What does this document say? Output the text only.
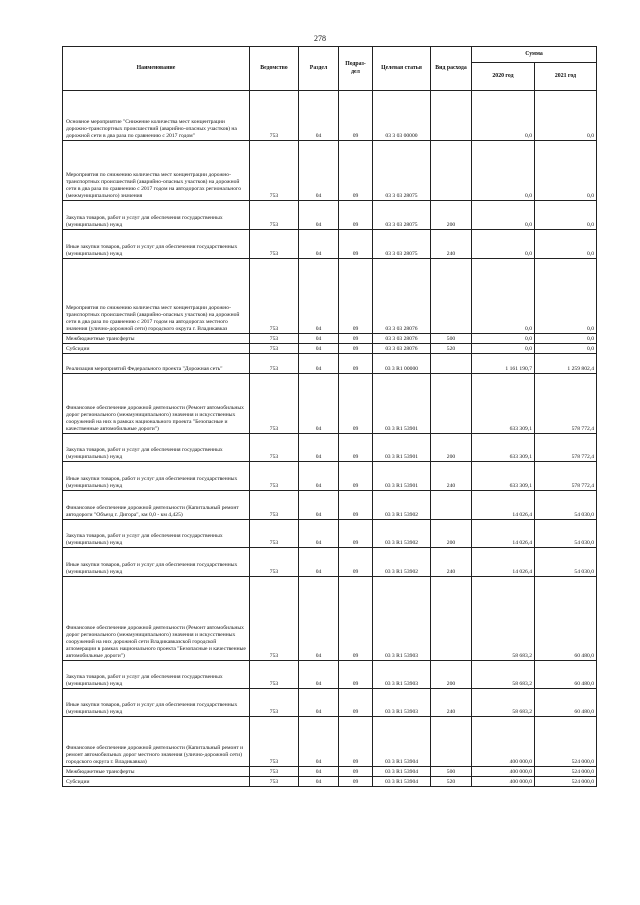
278
Наименование	Ведомство	Раздел	Подраз-дел	Целевая статья	Вид расхода	Сумма	
						2020 год	2021 год
Основное мероприятие "Снижение количества мест концентрации дорожно-транспортных происшествий (аварийно-опасных участков) на дорожной сети в два раза по сравнению с 2017 годом"	753	04	09	03 3 03 00000		0,0	0,0
Мероприятия по снижению количества мест концентрации дорожно-транспортных происшествий (аварийно-опасных участков) на дорожной сети в два раза по сравнению с 2017 годом на автодорогах регионального (межмуниципального) значения	753	04	09	03 3 03 28075		0,0	0,0
Закупка товаров, работ и услуг для обеспечения государственных (муниципальных) нужд	753	04	09	03 3 03 28075	200	0,0	0,0
Иные закупки товаров, работ и услуг для обеспечения государственных (муниципальных) нужд	753	04	09	03 3 03 28075	240	0,0	0,0
Мероприятия по снижению количества мест концентрации дорожно-транспортных происшествий (аварийно-опасных участков) на дорожной сети в два раза по сравнению с 2017 годом на автодорогах местного значения (улично-дорожной сети) городского округа г. Владикавказ	753	04	09	03 3 03 28076		0,0	0,0
Межбюджетные трансферты	753	04	09	03 3 03 28076	500	0,0	0,0
Субсидии	753	04	09	03 3 03 28076	520	0,0	0,0
Реализация мероприятий Федерального проекта "Дорожная сеть"	753	04	09	03 3 R1 00000		1 161 190,7	1 259 802,4
Финансовое обеспечение дорожной деятельности (Ремонт автомобильных дорог регионального (межмуниципального) значения и искусственных сооружений на них в рамках национального проекта "Безопасные и качественные автомобильные дороги")	753	04	09	03 3 R1 53901		633 309,1	578 772,4
Закупка товаров, работ и услуг для обеспечения государственных (муниципальных) нужд	753	04	09	03 3 R1 53901	200	633 309,1	578 772,4
Иные закупки товаров, работ и услуг для обеспечения государственных (муниципальных) нужд	753	04	09	03 3 R1 53901	240	633 309,1	578 772,4
Финансовое обеспечение дорожной деятельности (Капитальный ремонт автодороги "Объезд г. Дигора", км 0,0 - км 4,425)	753	04	09	03 3 R1 53902		14 026,4	54 030,0
Закупка товаров, работ и услуг для обеспечения государственных (муниципальных) нужд	753	04	09	03 3 R1 53902	200	14 026,4	54 030,0
Иные закупки товаров, работ и услуг для обеспечения государственных (муниципальных) нужд	753	04	09	03 3 R1 53902	240	14 026,4	54 030,0
Финансовое обеспечение дорожной деятельности (Ремонт автомобильных дорог регионального (межмуниципального) значения и искусственных сооружений на них дорожной сети Владикавказской городской агломерации в рамках национального проекта "Безопасные и качественные автомобильные дороги")	753	04	09	03 3 R1 53903		58 683,2	60 480,0
Закупка товаров, работ и услуг для обеспечения государственных (муниципальных) нужд	753	04	09	03 3 R1 53903	200	58 683,2	60 480,0
Иные закупки товаров, работ и услуг для обеспечения государственных (муниципальных) нужд	753	04	09	03 3 R1 53903	240	58 683,2	60 480,0
Финансовое обеспечение дорожной деятельности (Капитальный ремонт и ремонт автомобильных дорог местного значения (улично-дорожной сети) городского округа г. Владикавказ)	753	04	09	03 3 R1 53904		400 000,0	524 000,0
Межбюджетные трансферты	753	04	09	03 3 R1 53904	500	400 000,0	524 000,0
Субсидии	753	04	09	03 3 R1 53904	520	400 000,0	524 000,0
